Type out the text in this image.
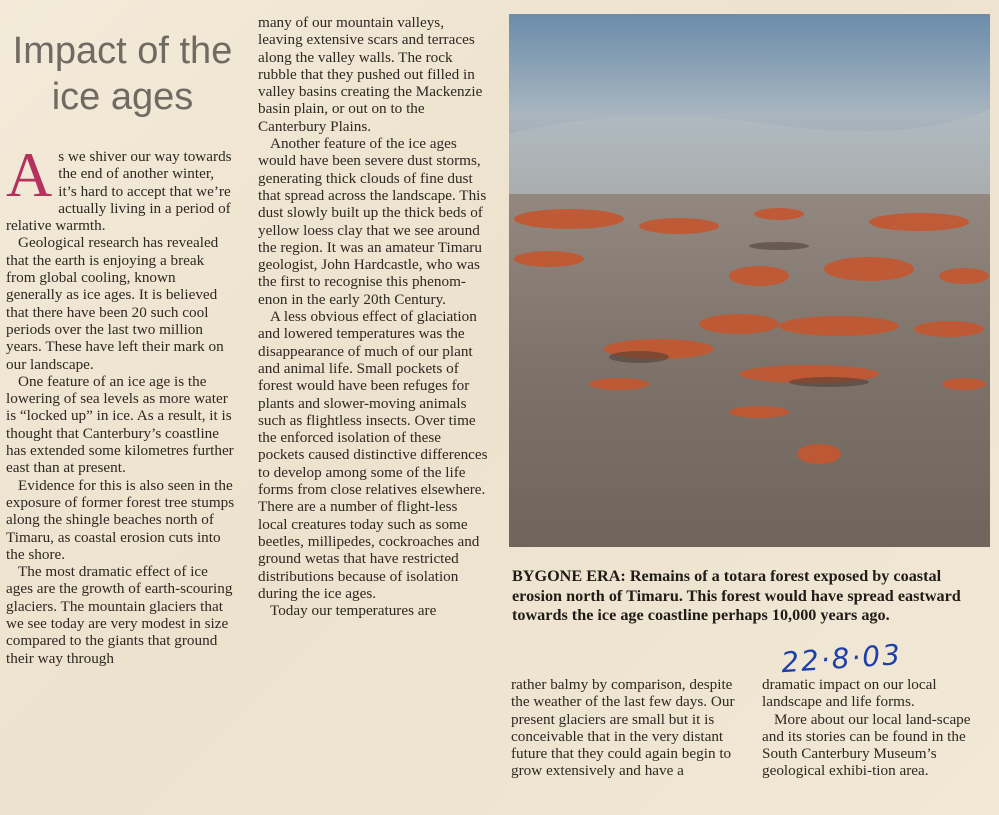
Impact of the
ice ages

As we shiver our way towards the end of another winter, it’s hard to accept that we’re actually living in a period of relative warmth.

Geological research has revealed that the earth is enjoying a break from global cooling, known generally as ice ages. It is believed that there have been 20 such cool periods over the last two million years. These have left their mark on our landscape.

One feature of an ice age is the lowering of sea levels as more water is “locked up” in ice. As a result, it is thought that Canterbury’s coastline has extended some kilometres further east than at present.

Evidence for this is also seen in the exposure of former forest tree stumps along the shingle beaches north of Timaru, as coastal erosion cuts into the shore.

The most dramatic effect of ice ages are the growth of earth-scouring glaciers. The mountain glaciers that we see today are very modest in size compared to the giants that ground their way through

many of our mountain valleys, leaving extensive scars and terraces along the valley walls. The rock rubble that they pushed out filled in valley basins creating the Mackenzie basin plain, or out on to the Canterbury Plains.

Another feature of the ice ages would have been severe dust storms, generating thick clouds of fine dust that spread across the landscape. This dust slowly built up the thick beds of yellow loess clay that we see around the region. It was an amateur Timaru geologist, John Hardcastle, who was the first to recognise this phenom-enon in the early 20th Century.

A less obvious effect of glaciation and lowered temperatures was the disappearance of much of our plant and animal life. Small pockets of forest would have been refuges for plants and slower-moving animals such as flightless insects. Over time the enforced isolation of these pockets caused distinctive differences to develop among some of the life forms from close relatives elsewhere. There are a number of flight-less local creatures today such as some beetles, millipedes, cockroaches and ground wetas that have restricted distributions because of isolation during the ice ages.

Today our temperatures are

BYGONE ERA: Remains of a totara forest exposed by coastal erosion north of Timaru. This forest would have spread eastward towards the ice age coastline perhaps 10,000 years ago.
22·8·03

rather balmy by comparison, despite the weather of the last few days. Our present glaciers are small but it is conceivable that in the very distant future that they could again begin to grow extensively and have a

dramatic impact on our local landscape and life forms.

More about our local land-scape and its stories can be found in the South Canterbury Museum’s geological exhibi-tion area.
